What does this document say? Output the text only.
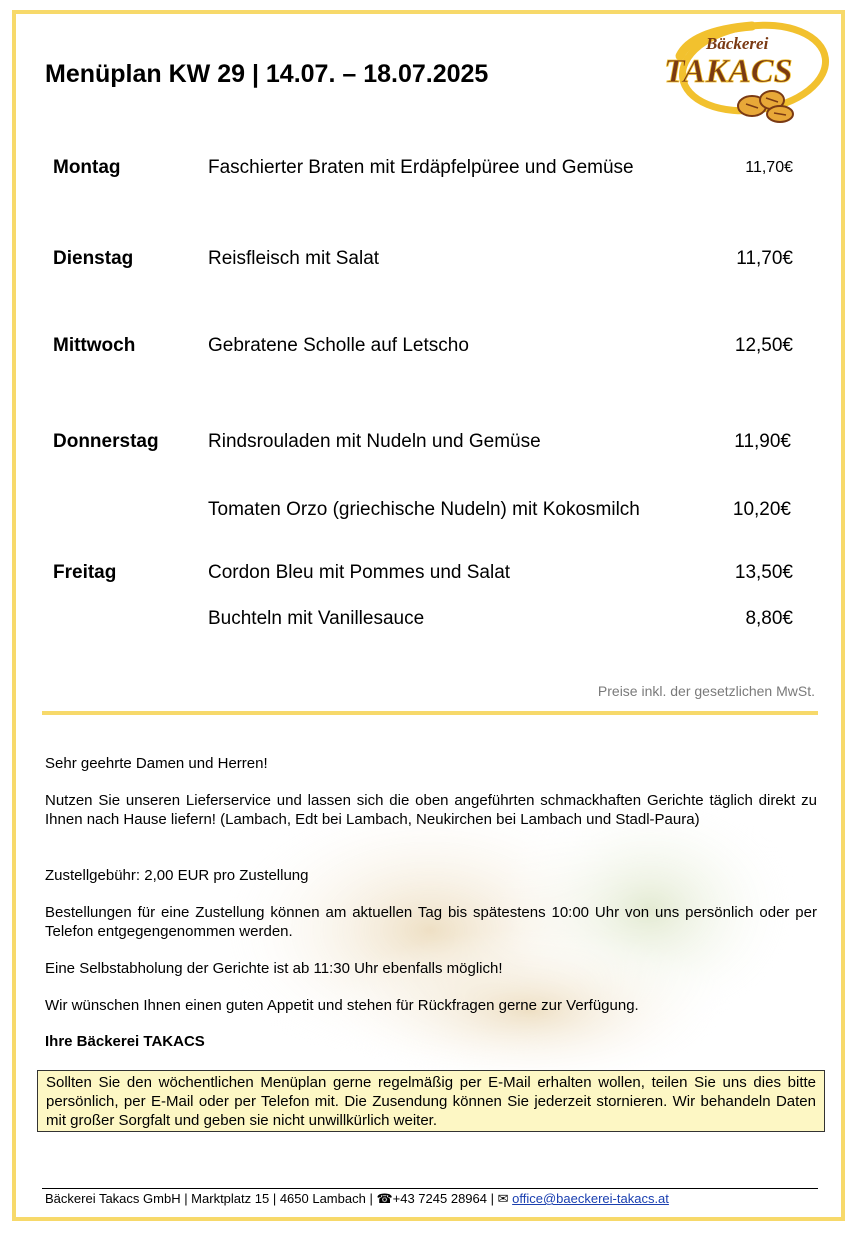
Menüplan KW 29 | 14.07. – 18.07.2025
Bäckerei
TAKACS
Montag	Faschierter Braten mit Erdäpfelpüree und Gemüse	11,70€
Dienstag	Reisfleisch mit Salat	11,70€
Mittwoch	Gebratene Scholle auf Letscho	12,50€
Donnerstag	Rindsrouladen mit Nudeln und Gemüse	11,90€
Tomaten Orzo (griechische Nudeln) mit Kokosmilch	10,20€
Freitag	Cordon Bleu mit Pommes und Salat	13,50€
Buchteln mit Vanillesauce	8,80€
Preise inkl. der gesetzlichen MwSt.
Sehr geehrte Damen und Herren!
Nutzen Sie unseren Lieferservice und lassen sich die oben angeführten schmackhaften Gerichte täglich direkt zu Ihnen nach Hause liefern! (Lambach, Edt bei Lambach, Neukirchen bei Lambach und Stadl-Paura)
Zustellgebühr: 2,00 EUR pro Zustellung
Bestellungen für eine Zustellung können am aktuellen Tag bis spätestens 10:00 Uhr von uns persönlich oder per Telefon entgegengenommen werden.
Eine Selbstabholung der Gerichte ist ab 11:30 Uhr ebenfalls möglich!
Wir wünschen Ihnen einen guten Appetit und stehen für Rückfragen gerne zur Verfügung.
Ihre Bäckerei TAKACS
Sollten Sie den wöchentlichen Menüplan gerne regelmäßig per E-Mail erhalten wollen, teilen Sie uns dies bitte persönlich, per E-Mail oder per Telefon mit. Die Zusendung können Sie jederzeit stornieren. Wir behandeln Daten mit großer Sorgfalt und geben sie nicht unwillkürlich weiter.
Bäckerei Takacs GmbH | Marktplatz 15 | 4650 Lambach | ☎+43 7245 28964 | ✉ office@baeckerei-takacs.at
